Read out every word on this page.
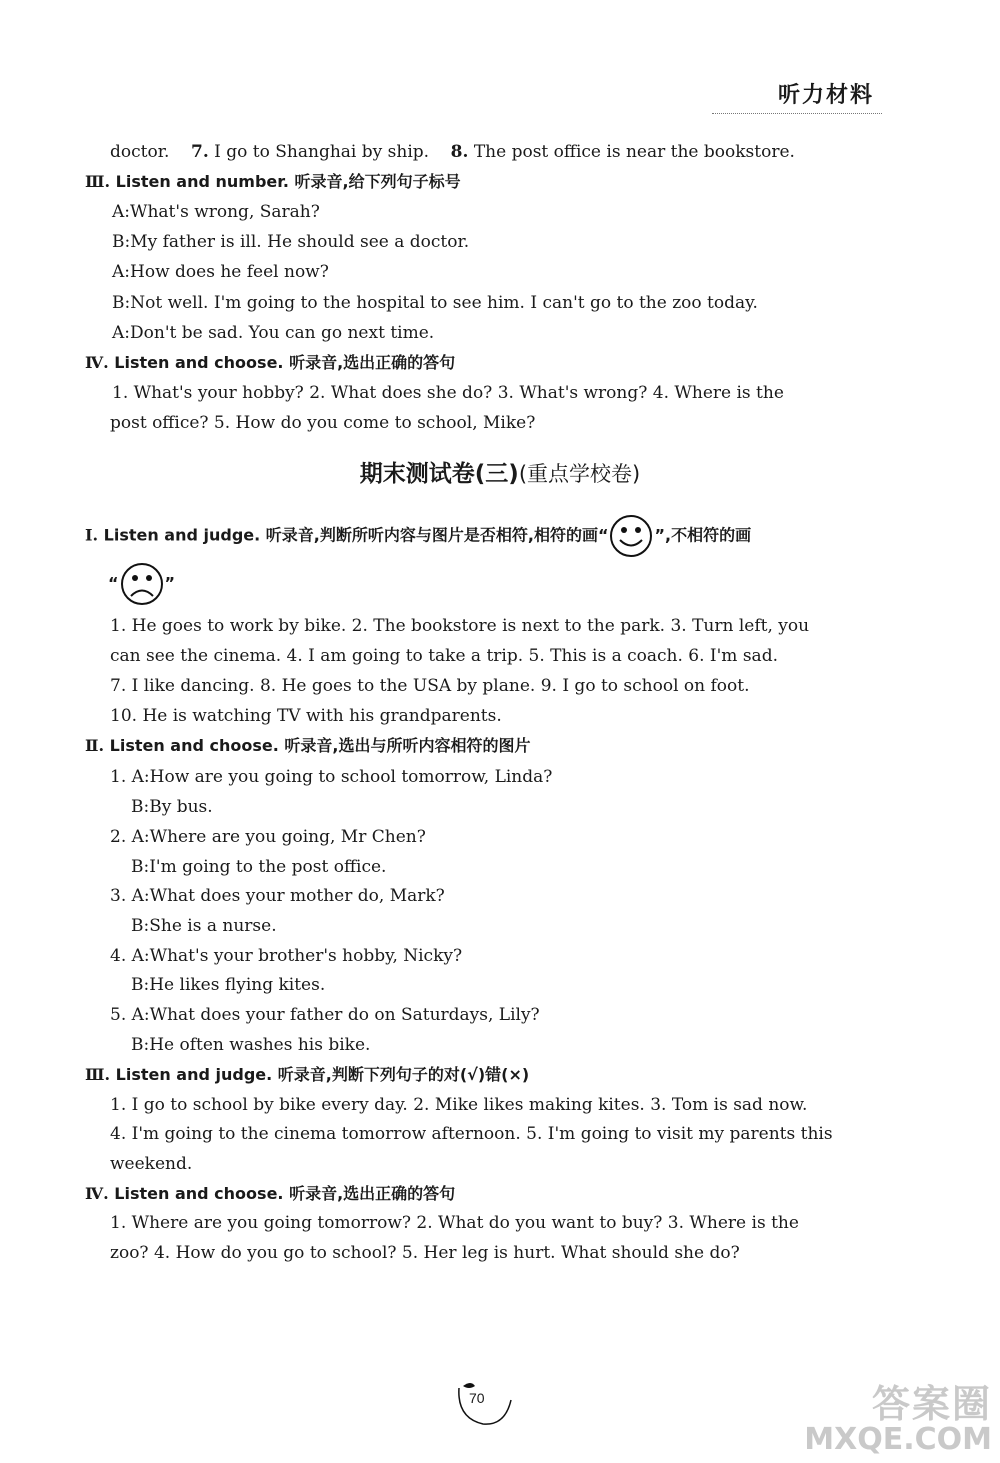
听力材料
doctor. 7. I go to Shanghai by ship. 8. The post office is near the bookstore.
Ⅲ. Listen and number. 听录音,给下列句子标号
A:What's wrong, Sarah?
B:My father is ill. He should see a doctor.
A:How does he feel now?
B:Not well. I'm going to the hospital to see him. I can't go to the zoo today.
A:Don't be sad. You can go next time.
Ⅳ. Listen and choose. 听录音,选出正确的答句
1. What's your hobby? 2. What does she do? 3. What's wrong? 4. Where is the
post office? 5. How do you come to school, Mike?
期末测试卷(三)(重点学校卷)
Ⅰ. Listen and judge. 听录音,判断所听内容与图片是否相符,相符的画“	”,不相符的画
“	”
1. He goes to work by bike. 2. The bookstore is next to the park. 3. Turn left, you
can see the cinema. 4. I am going to take a trip. 5. This is a coach. 6. I'm sad.
7. I like dancing. 8. He goes to the USA by plane. 9. I go to school on foot.
10. He is watching TV with his grandparents.
Ⅱ. Listen and choose. 听录音,选出与所听内容相符的图片
1. A:How are you going to school tomorrow, Linda?
B:By bus.
2. A:Where are you going, Mr Chen?
B:I'm going to the post office.
3. A:What does your mother do, Mark?
B:She is a nurse.
4. A:What's your brother's hobby, Nicky?
B:He likes flying kites.
5. A:What does your father do on Saturdays, Lily?
B:He often washes his bike.
Ⅲ. Listen and judge. 听录音,判断下列句子的对(√)错(×)
1. I go to school by bike every day. 2. Mike likes making kites. 3. Tom is sad now.
4. I'm going to the cinema tomorrow afternoon. 5. I'm going to visit my parents this
weekend.
Ⅳ. Listen and choose. 听录音,选出正确的答句
1. Where are you going tomorrow? 2. What do you want to buy? 3. Where is the
zoo? 4. How do you go to school? 5. Her leg is hurt. What should she do?
70	答案圈
MXQE.COM
